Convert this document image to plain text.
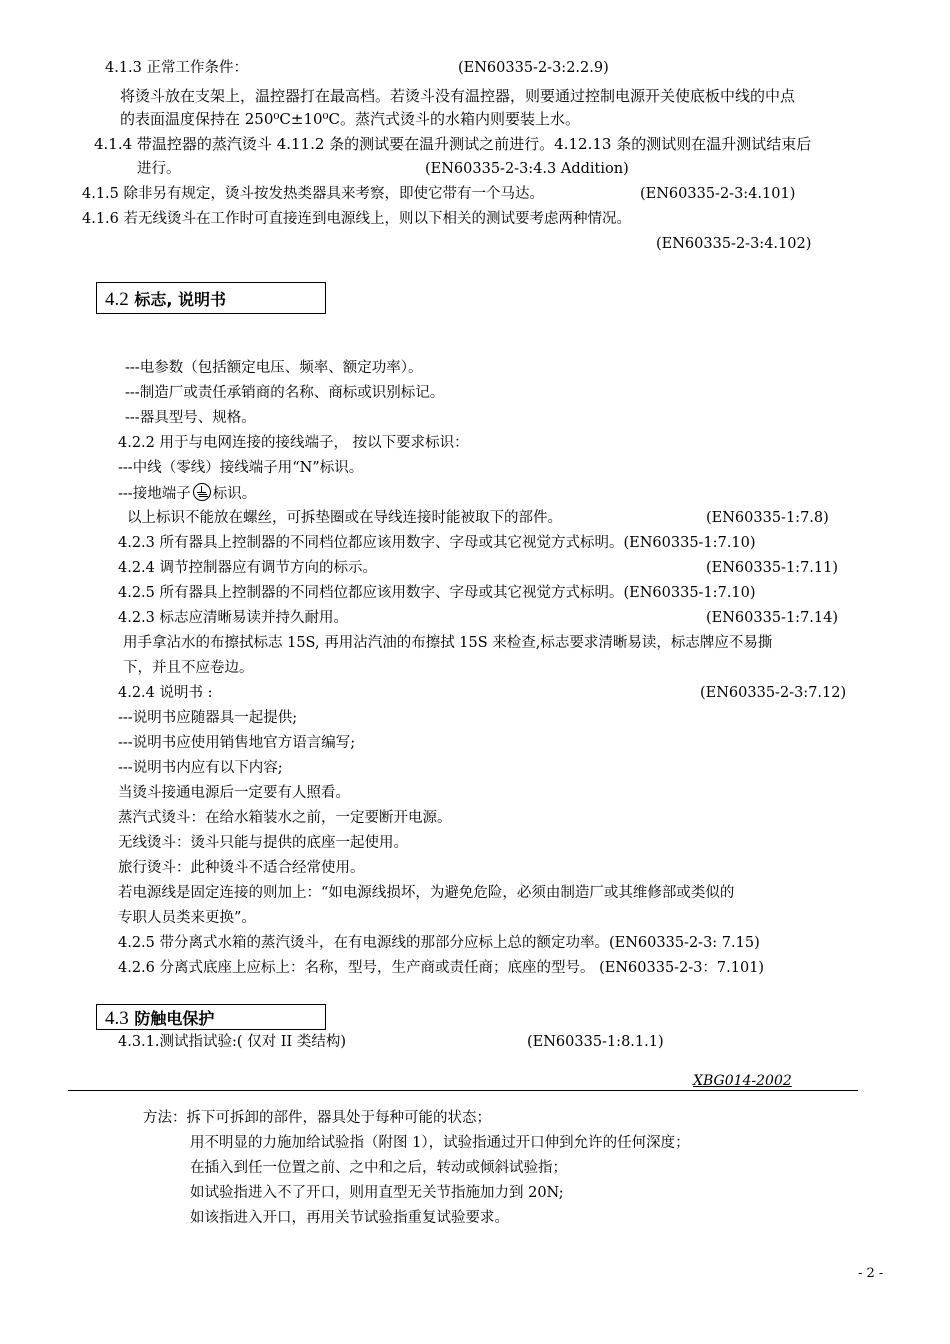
4.1.3 正常工作条件：	(EN60335-2-3:2.2.9)
将烫斗放在支架上，温控器打在最高档。若烫斗没有温控器，则要通过控制电源开关使底板中线的中点
的表面温度保持在 250⁰C±10⁰C。蒸汽式烫斗的水箱内则要装上水。
4.1.4 带温控器的蒸汽烫斗 4.11.2 条的测试要在温升测试之前进行。4.12.13 条的测试则在温升测试结束后
进行。	(EN60335-2-3:4.3 Addition)
4.1.5 除非另有规定，烫斗按发热类器具来考察，即使它带有一个马达。	(EN60335-2-3:4.101)
4.1.6 若无线烫斗在工作时可直接连到电源线上，则以下相关的测试要考虑两种情况。
(EN60335-2-3:4.102)
4.2 标志, 说明书
---电参数（包括额定电压、频率、额定功率）。
---制造厂或责任承销商的名称、商标或识别标记。
---器具型号、规格。
4.2.2 用于与电网连接的接线端子， 按以下要求标识：
---中线（零线）接线端子用“N”标识。
---接地端子 标识。
以上标识不能放在螺丝，可拆垫圈或在导线连接时能被取下的部件。	(EN60335-1:7.8)
4.2.3 所有器具上控制器的不同档位都应该用数字、字母或其它视觉方式标明。(EN60335-1:7.10)
4.2.4 调节控制器应有调节方向的标示。	(EN60335-1:7.11)
4.2.5 所有器具上控制器的不同档位都应该用数字、字母或其它视觉方式标明。(EN60335-1:7.10)
4.2.3 标志应清晰易读并持久耐用。	(EN60335-1:7.14)
用手拿沾水的布擦拭标志 15S, 再用沾汽油的布擦拭 15S 来检查,标志要求清晰易读，标志牌应不易撕
下，并且不应卷边。
4.2.4 说明书 :	(EN60335-2-3:7.12)
---说明书应随器具一起提供;
---说明书应使用销售地官方语言编写;
---说明书内应有以下内容;
当烫斗接通电源后一定要有人照看。
蒸汽式烫斗：在给水箱装水之前，一定要断开电源。
无线烫斗：烫斗只能与提供的底座一起使用。
旅行烫斗：此种烫斗不适合经常使用。
若电源线是固定连接的则加上：“如电源线损坏，为避免危险，必须由制造厂或其维修部或类似的
专职人员类来更换”。
4.2.5 带分离式水箱的蒸汽烫斗，在有电源线的那部分应标上总的额定功率。(EN60335-2-3: 7.15)
4.2.6 分离式底座上应标上：名称，型号，生产商或责任商；底座的型号。 (EN60335-2-3：7.101)
4.3 防触电保护
4.3.1.测试指试验:( 仅对 II 类结构)	(EN60335-1:8.1.1)
XBG014-2002
方法：拆下可拆卸的部件，器具处于每种可能的状态；
用不明显的力施加给试验指（附图 1），试验指通过开口伸到允许的任何深度；
在插入到任一位置之前、之中和之后，转动或倾斜试验指；
如试验指进入不了开口，则用直型无关节指施加力到 20N;
如该指进入开口，再用关节试验指重复试验要求。
- 2 -
